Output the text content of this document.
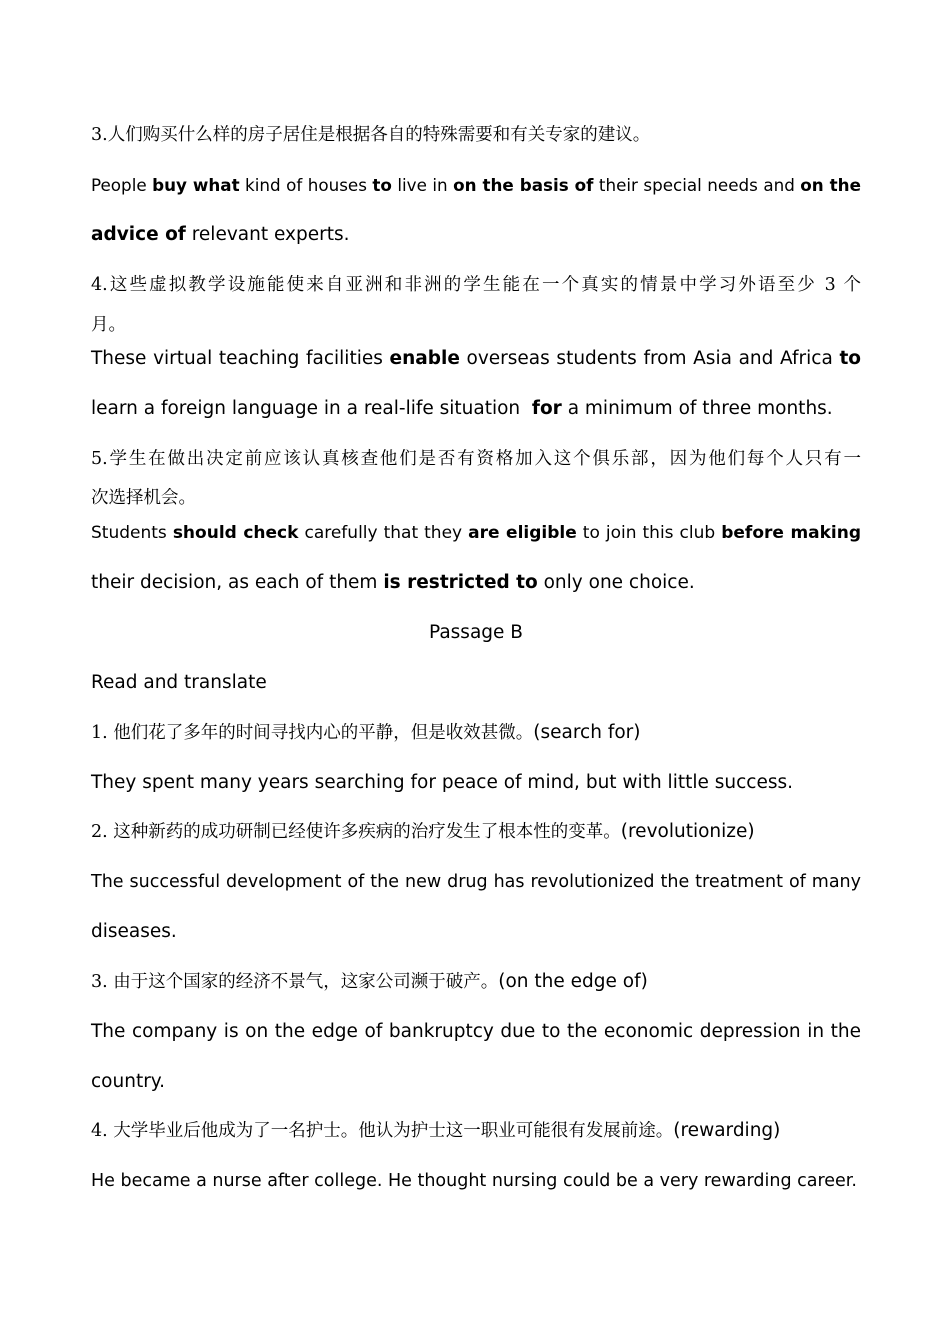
3.人们购买什么样的房子居住是根据各自的特殊需要和有关专家的建议。
People buy what kind of houses to live in on the basis of their special needs and on the
advice of relevant experts.
4.这些虚拟教学设施能使来自亚洲和非洲的学生能在一个真实的情景中学习外语至少 3 个
月。
These virtual teaching facilities enable overseas students from Asia and Africa to
learn a foreign language in a real-life situation  for a minimum of three months.
5.学生在做出决定前应该认真核查他们是否有资格加入这个俱乐部，因为他们每个人只有一
次选择机会。
Students should check carefully that they are eligible to join this club before making
their decision, as each of them is restricted to only one choice.
Passage B
Read and translate
1. 他们花了多年的时间寻找内心的平静，但是收效甚微。(search for)
They spent many years searching for peace of mind, but with little success.
2. 这种新药的成功研制已经使许多疾病的治疗发生了根本性的变革。(revolutionize)
The successful development of the new drug has revolutionized the treatment of many
diseases.
3. 由于这个国家的经济不景气，这家公司濒于破产。(on the edge of)
The company is on the edge of bankruptcy due to the economic depression in the
country.
4. 大学毕业后他成为了一名护士。他认为护士这一职业可能很有发展前途。(rewarding)
He became a nurse after college. He thought nursing could be a very rewarding career.
